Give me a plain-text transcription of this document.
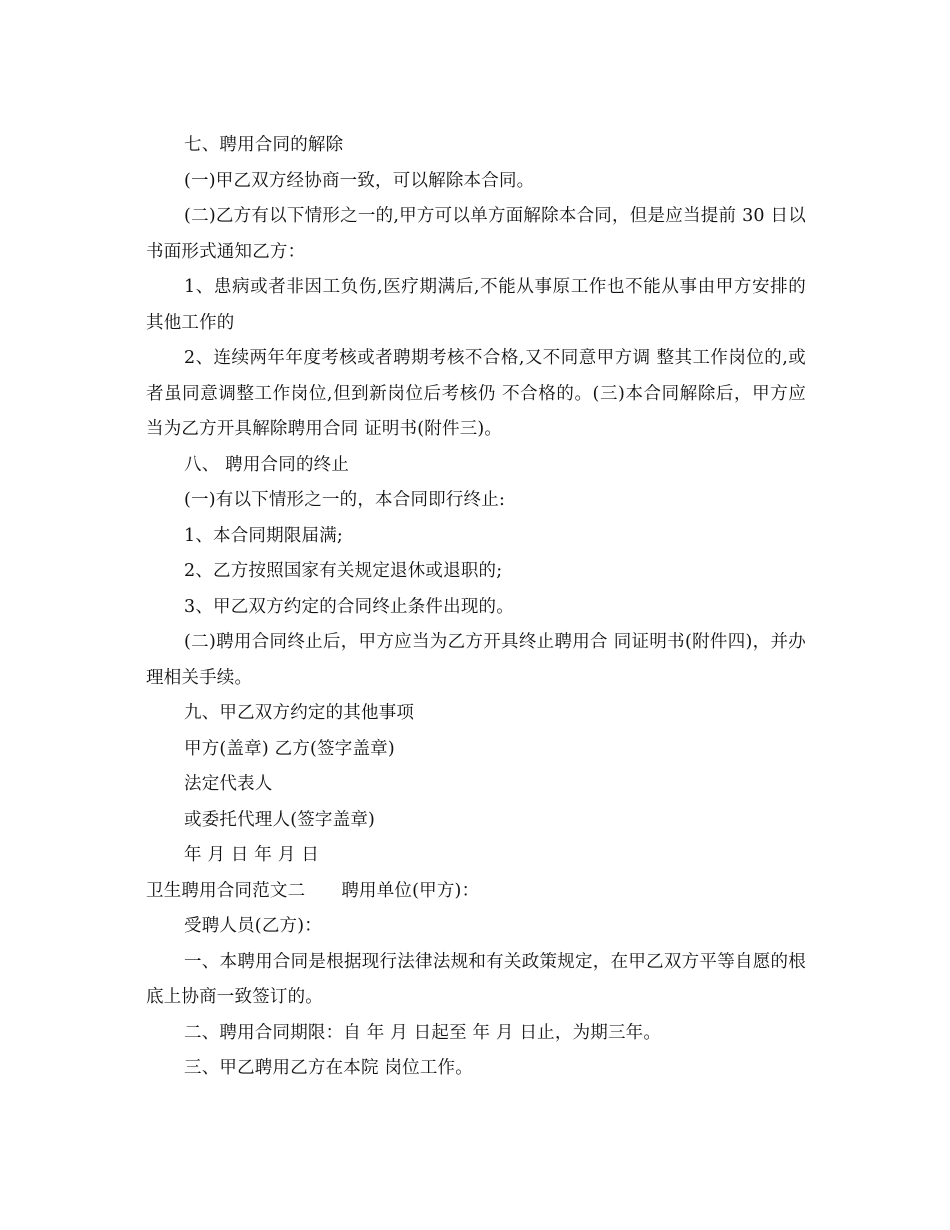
七、聘用合同的解除

(一)甲乙双方经协商一致，可以解除本合同。

(二)乙方有以下情形之一的,甲方可以单方面解除本合同，但是应当提前 30 日以书面形式通知乙方：

1、患病或者非因工负伤,医疗期满后,不能从事原工作也不能从事由甲方安排的其他工作的

2、连续两年年度考核或者聘期考核不合格,又不同意甲方调 整其工作岗位的,或者虽同意调整工作岗位,但到新岗位后考核仍 不合格的。(三)本合同解除后，甲方应当为乙方开具解除聘用合同 证明书(附件三)。

八、 聘用合同的终止

(一)有以下情形之一的，本合同即行终止:

1、本合同期限届满;

2、乙方按照国家有关规定退休或退职的;

3、甲乙双方约定的合同终止条件出现的。

(二)聘用合同终止后，甲方应当为乙方开具终止聘用合 同证明书(附件四)，并办理相关手续。

九、甲乙双方约定的其他事项

甲方(盖章) 乙方(签字盖章)

法定代表人

或委托代理人(签字盖章)

年 月 日 年 月 日

卫生聘用合同范文二 聘用单位(甲方)：

受聘人员(乙方)：

一、本聘用合同是根据现行法律法规和有关政策规定，在甲乙双方平等自愿的根底上协商一致签订的。

二、聘用合同期限：自 年 月 日起至 年 月 日止，为期三年。

三、甲乙聘用乙方在本院 岗位工作。
